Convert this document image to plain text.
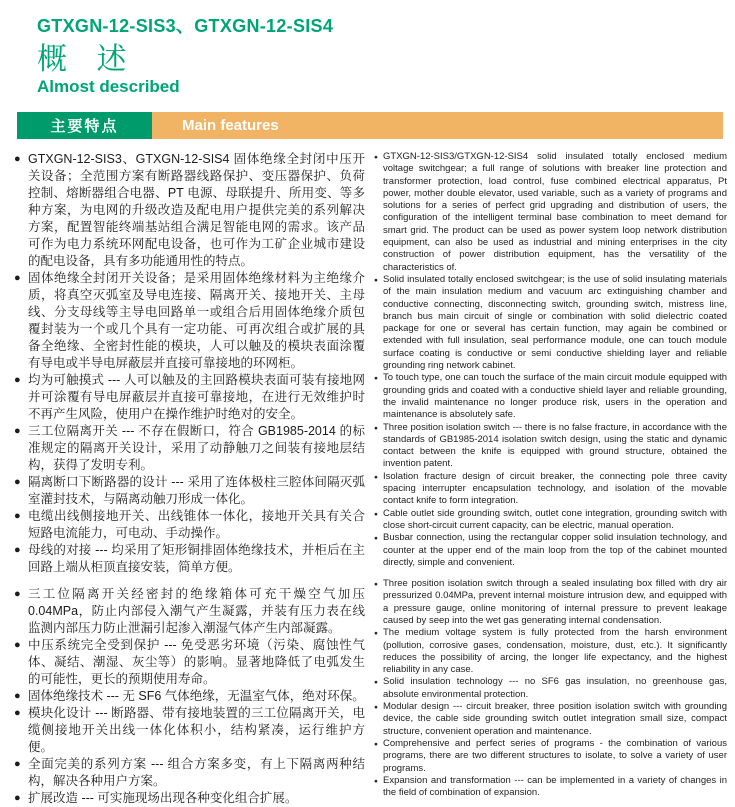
GTXGN-12-SIS3、GTXGN-12-SIS4
概 述
Almost described
主要特点	Main features

● GTXGN-12-SIS3、GTXGN-12-SIS4 固体绝缘全封闭中压开关设备；全范围方案有断路器线路保护、变压器保护、负荷控制、熔断器组合电器、PT 电源、母联提升、所用变、等多种方案，为电网的升级改造及配电用户提供完美的系列解决方案，配置智能终端基站组合满足智能电网的需求。该产品可作为电力系统环网配电设备，也可作为工矿企业城市建设的配电设备，具有多功能通用性的特点。

● 固体绝缘全封闭开关设备；是采用固体绝缘材料为主绝缘介质，将真空灭弧室及导电连接、隔离开关、接地开关、主母线、分支母线等主导电回路单一或组合后用固体绝缘介质包覆封装为一个或几个具有一定功能、可再次组合或扩展的具备全绝缘、全密封性能的模块，人可以触及的模块表面涂覆有导电或半导电屏蔽层并直接可靠接地的环网柜。

● 均为可触摸式 --- 人可以触及的主回路模块表面可装有接地网并可涂覆有导电屏蔽层并直接可靠接地，在进行无效维护时不再产生风险，使用户在操作维护时绝对的安全。

● 三工位隔离开关 --- 不存在假断口，符合 GB1985-2014 的标准规定的隔离开关设计，采用了动静触刀之间装有接地层结构，获得了发明专利。

● 隔离断口下断路器的设计 --- 采用了连体极柱三腔体间隔灭弧室灌封技术，与隔离动触刀形成一体化。

● 电缆出线侧接地开关、出线锥体一体化，接地开关具有关合短路电流能力，可电动、手动操作。

● 母线的对接 --- 均采用了矩形铜排固体绝缘技术，并柜后在主回路上端从柜顶直接安装，简单方便。

● 三工位隔离开关经密封的绝缘箱体可充干燥空气加压 0.04MPa，防止内部侵入潮气产生凝露，并装有压力表在线监测内部压力防止泄漏引起渗入潮湿气体产生内部凝露。

● 中压系统完全受到保护 --- 免受恶劣环境（污染、腐蚀性气体、凝结、潮湿、灰尘等）的影响。显著地降低了电弧发生的可能性，更长的预期使用寿命。

● 固体绝缘技术 --- 无 SF6 气体绝缘，无温室气体，绝对环保。

● 模块化设计 --- 断路器、带有接地装置的三工位隔离开关，电缆侧接地开关出线一体化体积小，结构紧凑，运行维护方便。

● 全面完美的系列方案 --- 组合方案多变，有上下隔离两种结构，解决各种用户方案。

● 扩展改造 --- 可实施现场出现各种变化组合扩展。

● GTXGN-12-SIS3/GTXGN-12-SIS4 solid insulated totally enclosed medium voltage switchgear; a full range of solutions with breaker line protection and transformer protection, load control, fuse combined electrical apparatus, Pt power, mother double elevator, used variable, such as a variety of programs and solutions for a series of perfect grid upgrading and distribution of users, the configuration of the intelligent terminal base combination to meet demand for smart grid. The product can be used as power system loop network distribution equipment, can also be used as industrial and mining enterprises in the city construction of power distribution equipment, has the versatility of the characteristics of.

● Solid insulated totally enclosed switchgear; is the use of solid insulating materials of the main insulation medium and vacuum arc extinguishing chamber and conductive connecting, disconnecting switch, grounding switch, mistress line, branch bus main circuit of single or combination with solid dielectric coated package for one or several has certain function, may again be combined or extended with full insulation, seal performance module, one can touch module surface coating is conductive or semi conductive shielding layer and reliable grounding ring network cabinet.

● To touch type, one can touch the surface of the main circuit module equipped with grounding grids and coated with a conductive shield layer and reliable grounding, the invalid maintenance no longer produce risk, users in the operation and maintenance is absolutely safe.

● Three position isolation switch --- there is no false fracture, in accordance with the standards of GB1985-2014 isolation switch design, using the static and dynamic contact between the knife is equipped with ground structure, obtained the invention patent.

● Isolation fracture design of circuit breaker, the connecting pole three cavity spacing interrupter encapsulation technology, and isolation of the movable contact knife to form integration.

● Cable outlet side grounding switch, outlet cone integration, grounding switch with close short-circuit current capacity, can be electric, manual operation.

● Busbar connection, using the rectangular copper solid insulation technology, and counter at the upper end of the main loop from the top of the cabinet mounted directly, simple and convenient.

● Three position isolation switch through a sealed insulating box filled with dry air pressurized 0.04MPa, prevent internal moisture intrusion dew, and equipped with a pressure gauge, online monitoring of internal pressure to prevent leakage caused by seep into the wet gas generating internal condensation.

● The medium voltage system is fully protected from the harsh environment (pollution, corrosive gases, condensation, moisture, dust, etc.). It significantly reduces the possibility of arcing, the longer life expectancy, and the highest reliability in any case.

● Solid insulation technology --- no SF6 gas insulation, no greenhouse gas, absolute environmental protection.

● Modular design --- circuit breaker, three position isolation switch with grounding device, the cable side grounding switch outlet integration small size, compact structure, convenient operation and maintenance.

● Comprehensive and perfect series of programs - the combination of various programs, there are two different structures to isolate, to solve a variety of user programs.

● Expansion and transformation --- can be implemented in a variety of changes in the field of combination of expansion.
